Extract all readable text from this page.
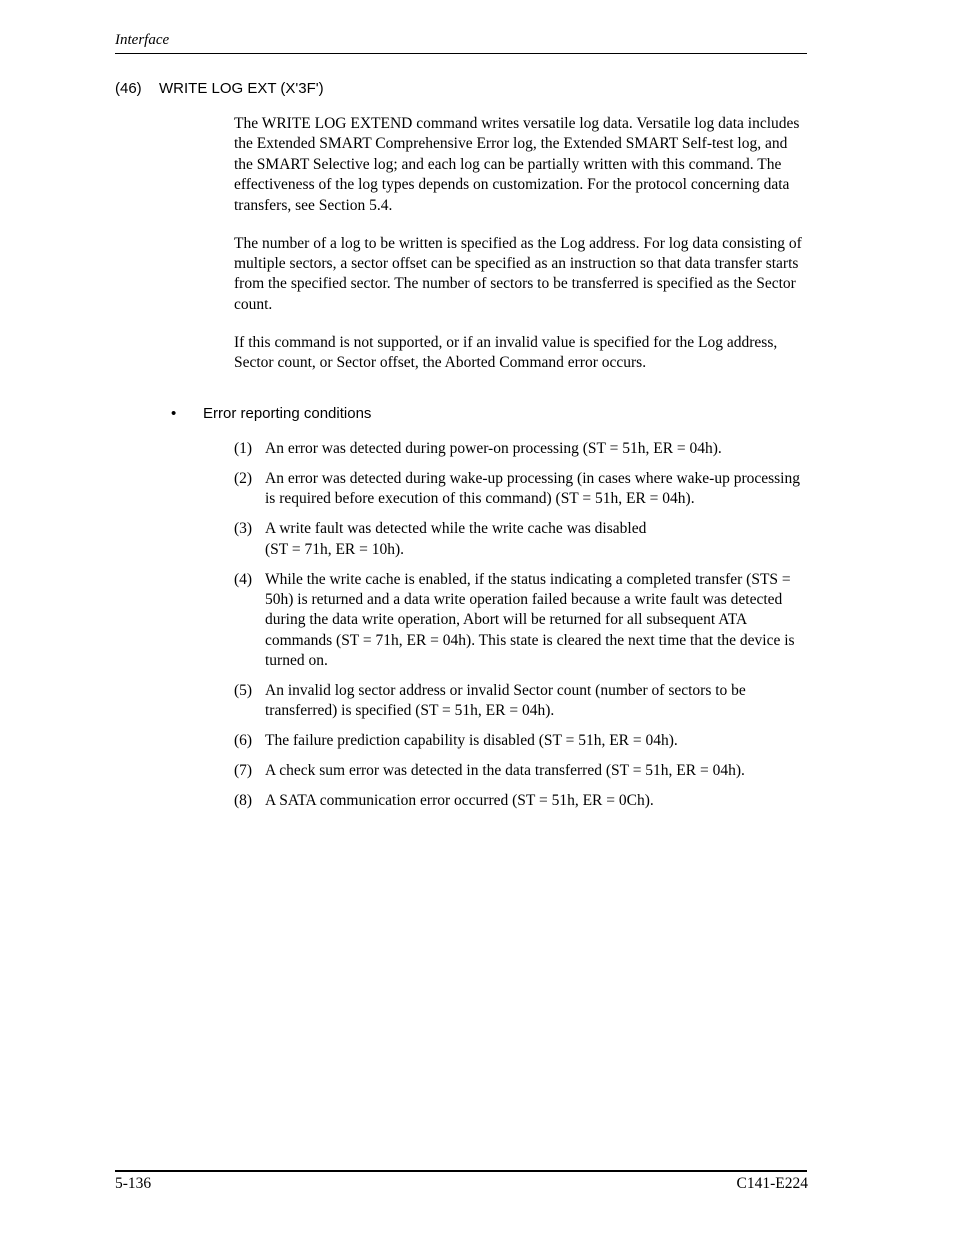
Interface
(46) WRITE LOG EXT (X'3F')

The WRITE LOG EXTEND command writes versatile log data. Versatile log data includes the Extended SMART Comprehensive Error log, the Extended SMART Self-test log, and the SMART Selective log; and each log can be partially written with this command. The effectiveness of the log types depends on customization. For the protocol concerning data transfers, see Section 5.4.

The number of a log to be written is specified as the Log address. For log data consisting of multiple sectors, a sector offset can be specified as an instruction so that data transfer starts from the specified sector. The number of sectors to be transferred is specified as the Sector count.

If this command is not supported, or if an invalid value is specified for the Log address, Sector count, or Sector offset, the Aborted Command error occurs.

• Error reporting conditions
(1) An error was detected during power-on processing (ST = 51h, ER = 04h).
(2) An error was detected during wake-up processing (in cases where wake-up processing is required before execution of this command) (ST = 51h, ER = 04h).
(3) A write fault was detected while the write cache was disabled
(ST = 71h, ER = 10h).
(4) While the write cache is enabled, if the status indicating a completed transfer (STS = 50h) is returned and a data write operation failed because a write fault was detected during the data write operation, Abort will be returned for all subsequent ATA commands (ST = 71h, ER = 04h). This state is cleared the next time that the device is turned on.
(5) An invalid log sector address or invalid Sector count (number of sectors to be transferred) is specified (ST = 51h, ER = 04h).
(6) The failure prediction capability is disabled (ST = 51h, ER = 04h).
(7) A check sum error was detected in the data transferred (ST = 51h, ER = 04h).
(8) A SATA communication error occurred (ST = 51h, ER = 0Ch).
5-136	C141-E224
